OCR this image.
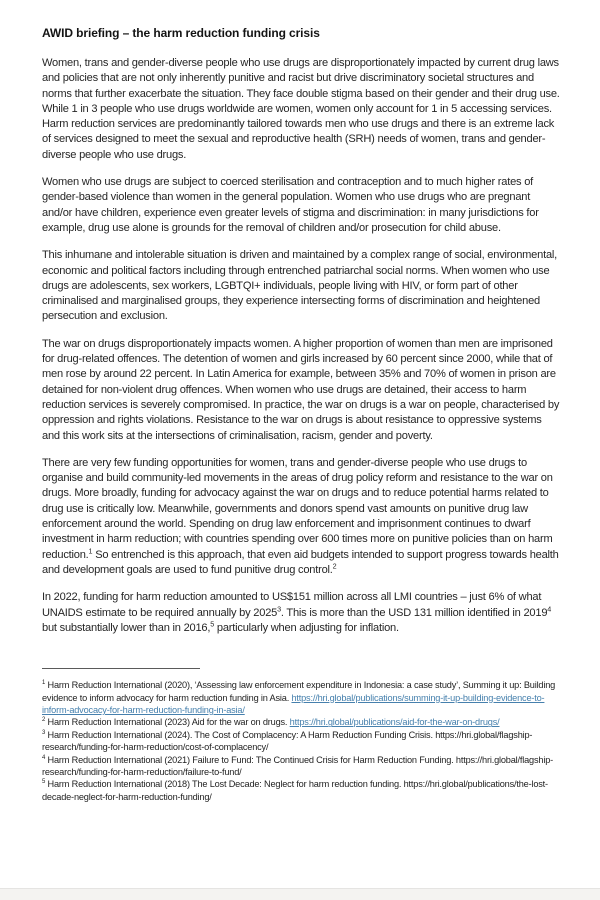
AWID briefing – the harm reduction funding crisis

Women, trans and gender-diverse people who use drugs are disproportionately impacted by current drug laws and policies that are not only inherently punitive and racist but drive discriminatory societal structures and norms that further exacerbate the situation. They face double stigma based on their gender and their drug use. While 1 in 3 people who use drugs worldwide are women, women only account for 1 in 5 accessing services. Harm reduction services are predominantly tailored towards men who use drugs and there is an extreme lack of services designed to meet the sexual and reproductive health (SRH) needs of women, trans and gender-diverse people who use drugs.

Women who use drugs are subject to coerced sterilisation and contraception and to much higher rates of gender-based violence than women in the general population. Women who use drugs who are pregnant and/or have children, experience even greater levels of stigma and discrimination: in many jurisdictions for example, drug use alone is grounds for the removal of children and/or prosecution for child abuse.

This inhumane and intolerable situation is driven and maintained by a complex range of social, environmental, economic and political factors including through entrenched patriarchal social norms. When women who use drugs are adolescents, sex workers, LGBTQI+ individuals, people living with HIV, or form part of other criminalised and marginalised groups, they experience intersecting forms of discrimination and heightened persecution and exclusion.

The war on drugs disproportionately impacts women. A higher proportion of women than men are imprisoned for drug-related offences. The detention of women and girls increased by 60 percent since 2000, while that of men rose by around 22 percent. In Latin America for example, between 35% and 70% of women in prison are detained for non-violent drug offences. When women who use drugs are detained, their access to harm reduction services is severely compromised. In practice, the war on drugs is a war on people, characterised by oppression and rights violations. Resistance to the war on drugs is about resistance to oppressive systems and this work sits at the intersections of criminalisation, racism, gender and poverty.

There are very few funding opportunities for women, trans and gender-diverse people who use drugs to organise and build community-led movements in the areas of drug policy reform and resistance to the war on drugs. More broadly, funding for advocacy against the war on drugs and to reduce potential harms related to drug use is critically low. Meanwhile, governments and donors spend vast amounts on punitive drug law enforcement around the world. Spending on drug law enforcement and imprisonment continues to dwarf investment in harm reduction; with countries spending over 600 times more on punitive policies than on harm reduction.$^1$ So entrenched is this approach, that even aid budgets intended to support progress towards health and development goals are used to fund punitive drug control.$^2$

In 2022, funding for harm reduction amounted to US$151 million across all LMI countries – just 6% of what UNAIDS estimate to be required annually by 2025$^3$. This is more than the USD 131 million identified in 2019$^4$ but substantially lower than in 2016,$^5$ particularly when adjusting for inflation.

$^1$ Harm Reduction International (2020), ‘Assessing law enforcement expenditure in Indonesia: a case study’, Summing it up: Building evidence to inform advocacy for harm reduction funding in Asia. https://hri.global/publications/summing-it-up-building-evidence-to-inform-advocacy-for-harm-reduction-funding-in-asia/
$^2$ Harm Reduction International (2023) Aid for the war on drugs. https://hri.global/publications/aid-for-the-war-on-drugs/
$^3$ Harm Reduction International (2024). The Cost of Complacency: A Harm Reduction Funding Crisis. https://hri.global/flagship-research/funding-for-harm-reduction/cost-of-complacency/
$^4$ Harm Reduction International (2021) Failure to Fund: The Continued Crisis for Harm Reduction Funding. https://hri.global/flagship-research/funding-for-harm-reduction/failure-to-fund/
$^5$ Harm Reduction International (2018) The Lost Decade: Neglect for harm reduction funding. https://hri.global/publications/the-lost-decade-neglect-for-harm-reduction-funding/
